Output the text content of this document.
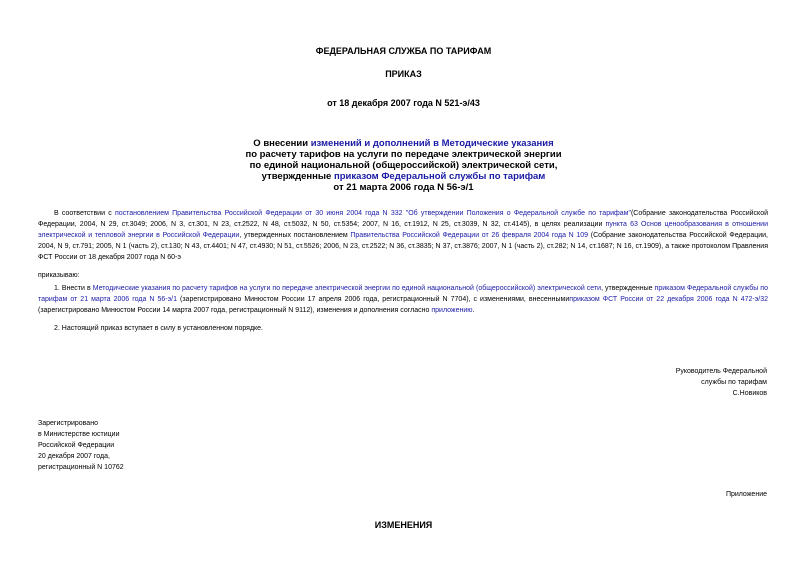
ФЕДЕРАЛЬНАЯ СЛУЖБА ПО ТАРИФАМ
ПРИКАЗ
от 18 декабря 2007 года N 521-э/43
О внесении изменений и дополнений в Методические указания
по расчету тарифов на услуги по передаче электрической энергии
по единой национальной (общероссийской) электрической сети,
утвержденные приказом Федеральной службы по тарифам
от 21 марта 2006 года N 56-э/1
В соответствии с постановлением Правительства Российской Федерации от 30 июня 2004 года N 332 "Об утверждении Положения о Федеральной службе по тарифам"(Собрание законодательства Российской Федерации, 2004, N 29, ст.3049; 2006, N 3, ст.301, N 23, ст.2522, N 48, ст.5032, N 50, ст.5354; 2007, N 16, ст.1912, N 25, ст.3039, N 32, ст.4145), в целях реализации пункта 63 Основ ценообразования в отношении электрической и тепловой энергии в Российской Федерации, утвержденных постановлением Правительства Российской Федерации от 26 февраля 2004 года N 109 (Собрание законодательства Российской Федерации, 2004, N 9, ст.791; 2005, N 1 (часть 2), ст.130; N 43, ст.4401; N 47, ст.4930; N 51, ст.5526; 2006, N 23, ст.2522; N 36, ст.3835; N 37, ст.3876; 2007, N 1 (часть 2), ст.282; N 14, ст.1687; N 16, ст.1909), а также протоколом Правления ФСТ России от 18 декабря 2007 года N 60-э
приказываю:
1. Внести в Методические указания по расчету тарифов на услуги по передаче электрической энергии по единой национальной (общероссийской) электрической сети, утвержденные приказом Федеральной службы по тарифам от 21 марта 2006 года N 56-э/1 (зарегистрировано Минюстом России 17 апреля 2006 года, регистрационный N 7704), с изменениями, внесеннымиприказом ФСТ России от 22 декабря 2006 года N 472-э/32 (зарегистрировано Минюстом России 14 марта 2007 года, регистрационный N 9112), изменения и дополнения согласно приложению.
2. Настоящий приказ вступает в силу в установленном порядке.
Руководитель Федеральной
службы по тарифам
С.Новиков
Зарегистрировано
в Министерстве юстиции
Российской Федерации
20 декабря 2007 года,
регистрационный N 10762
Приложение
ИЗМЕНЕНИЯ
